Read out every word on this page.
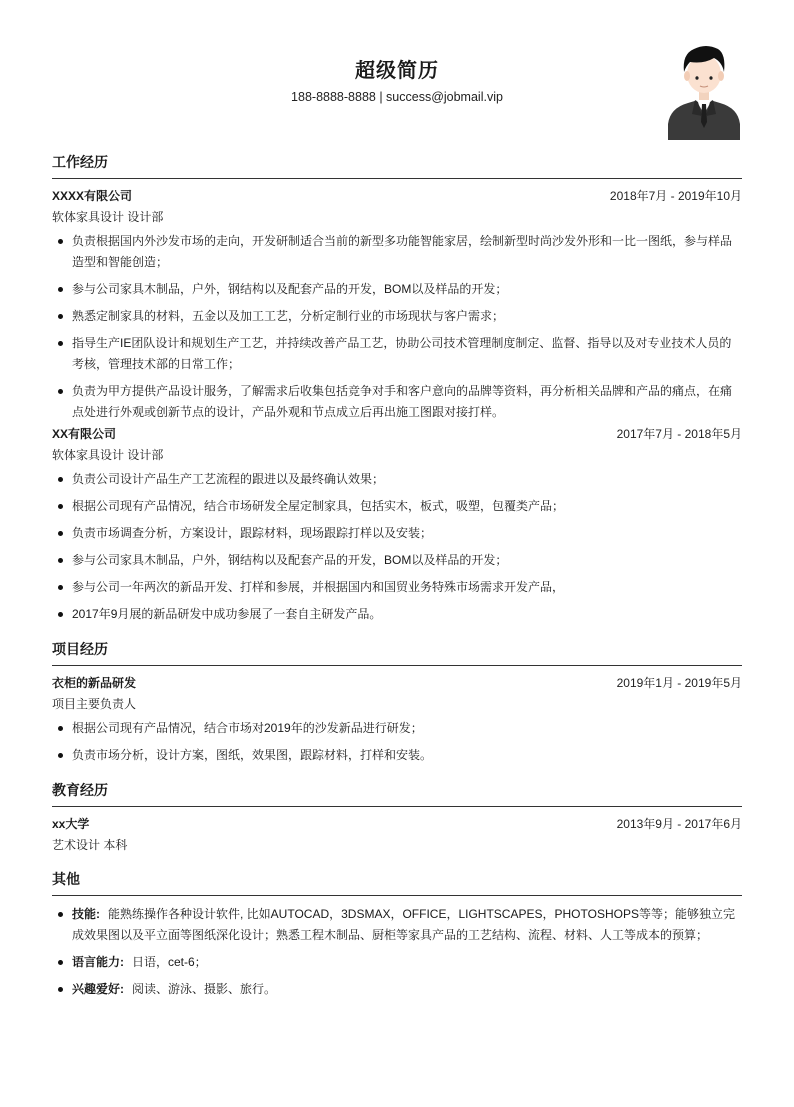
超级简历
188-8888-8888 | success@jobmail.vip
工作经历
XXXX有限公司	2018年7月 - 2019年10月
软体家具设计 设计部
负责根据国内外沙发市场的走向，开发研制适合当前的新型多功能智能家居，绘制新型时尚沙发外形和一比一图纸，参与样品造型和智能创造；
参与公司家具木制品，户外，钢结构以及配套产品的开发，BOM以及样品的开发；
熟悉定制家具的材料，五金以及加工工艺，分析定制行业的市场现状与客户需求；
指导生产IE团队设计和规划生产工艺，并持续改善产品工艺，协助公司技术管理制度制定、监督、指导以及对专业技术人员的考核，管理技术部的日常工作；
负责为甲方提供产品设计服务，了解需求后收集包括竞争对手和客户意向的品牌等资料，再分析相关品牌和产品的痛点，在痛点处进行外观或创新节点的设计，产品外观和节点成立后再出施工图跟对接打样。
XX有限公司	2017年7月 - 2018年5月
软体家具设计 设计部
负责公司设计产品生产工艺流程的跟进以及最终确认效果；
根据公司现有产品情况，结合市场研发全屋定制家具，包括实木，板式，吸塑，包覆类产品；
负责市场调查分析，方案设计，跟踪材料，现场跟踪打样以及安装；
参与公司家具木制品，户外，钢结构以及配套产品的开发，BOM以及样品的开发；
参与公司一年两次的新品开发、打样和参展，并根据国内和国贸业务特殊市场需求开发产品，
2017年9月展的新品研发中成功参展了一套自主研发产品。
项目经历
衣柜的新品研发	2019年1月 - 2019年5月
项目主要负责人
根据公司现有产品情况，结合市场对2019年的沙发新品进行研发；
负责市场分析，设计方案，图纸，效果图，跟踪材料，打样和安装。
教育经历
xx大学	2013年9月 - 2017年6月
艺术设计 本科
其他
技能: 能熟练操作各种设计软件, 比如AUTOCAD，3DSMAX，OFFICE，LIGHTSCAPES，PHOTOSHOPS等等；能够独立完成效果图以及平立面等图纸深化设计；熟悉工程木制品、厨柜等家具产品的工艺结构、流程、材料、人工等成本的预算；
语言能力: 日语，cet-6；
兴趣爱好: 阅读、游泳、摄影、旅行。
